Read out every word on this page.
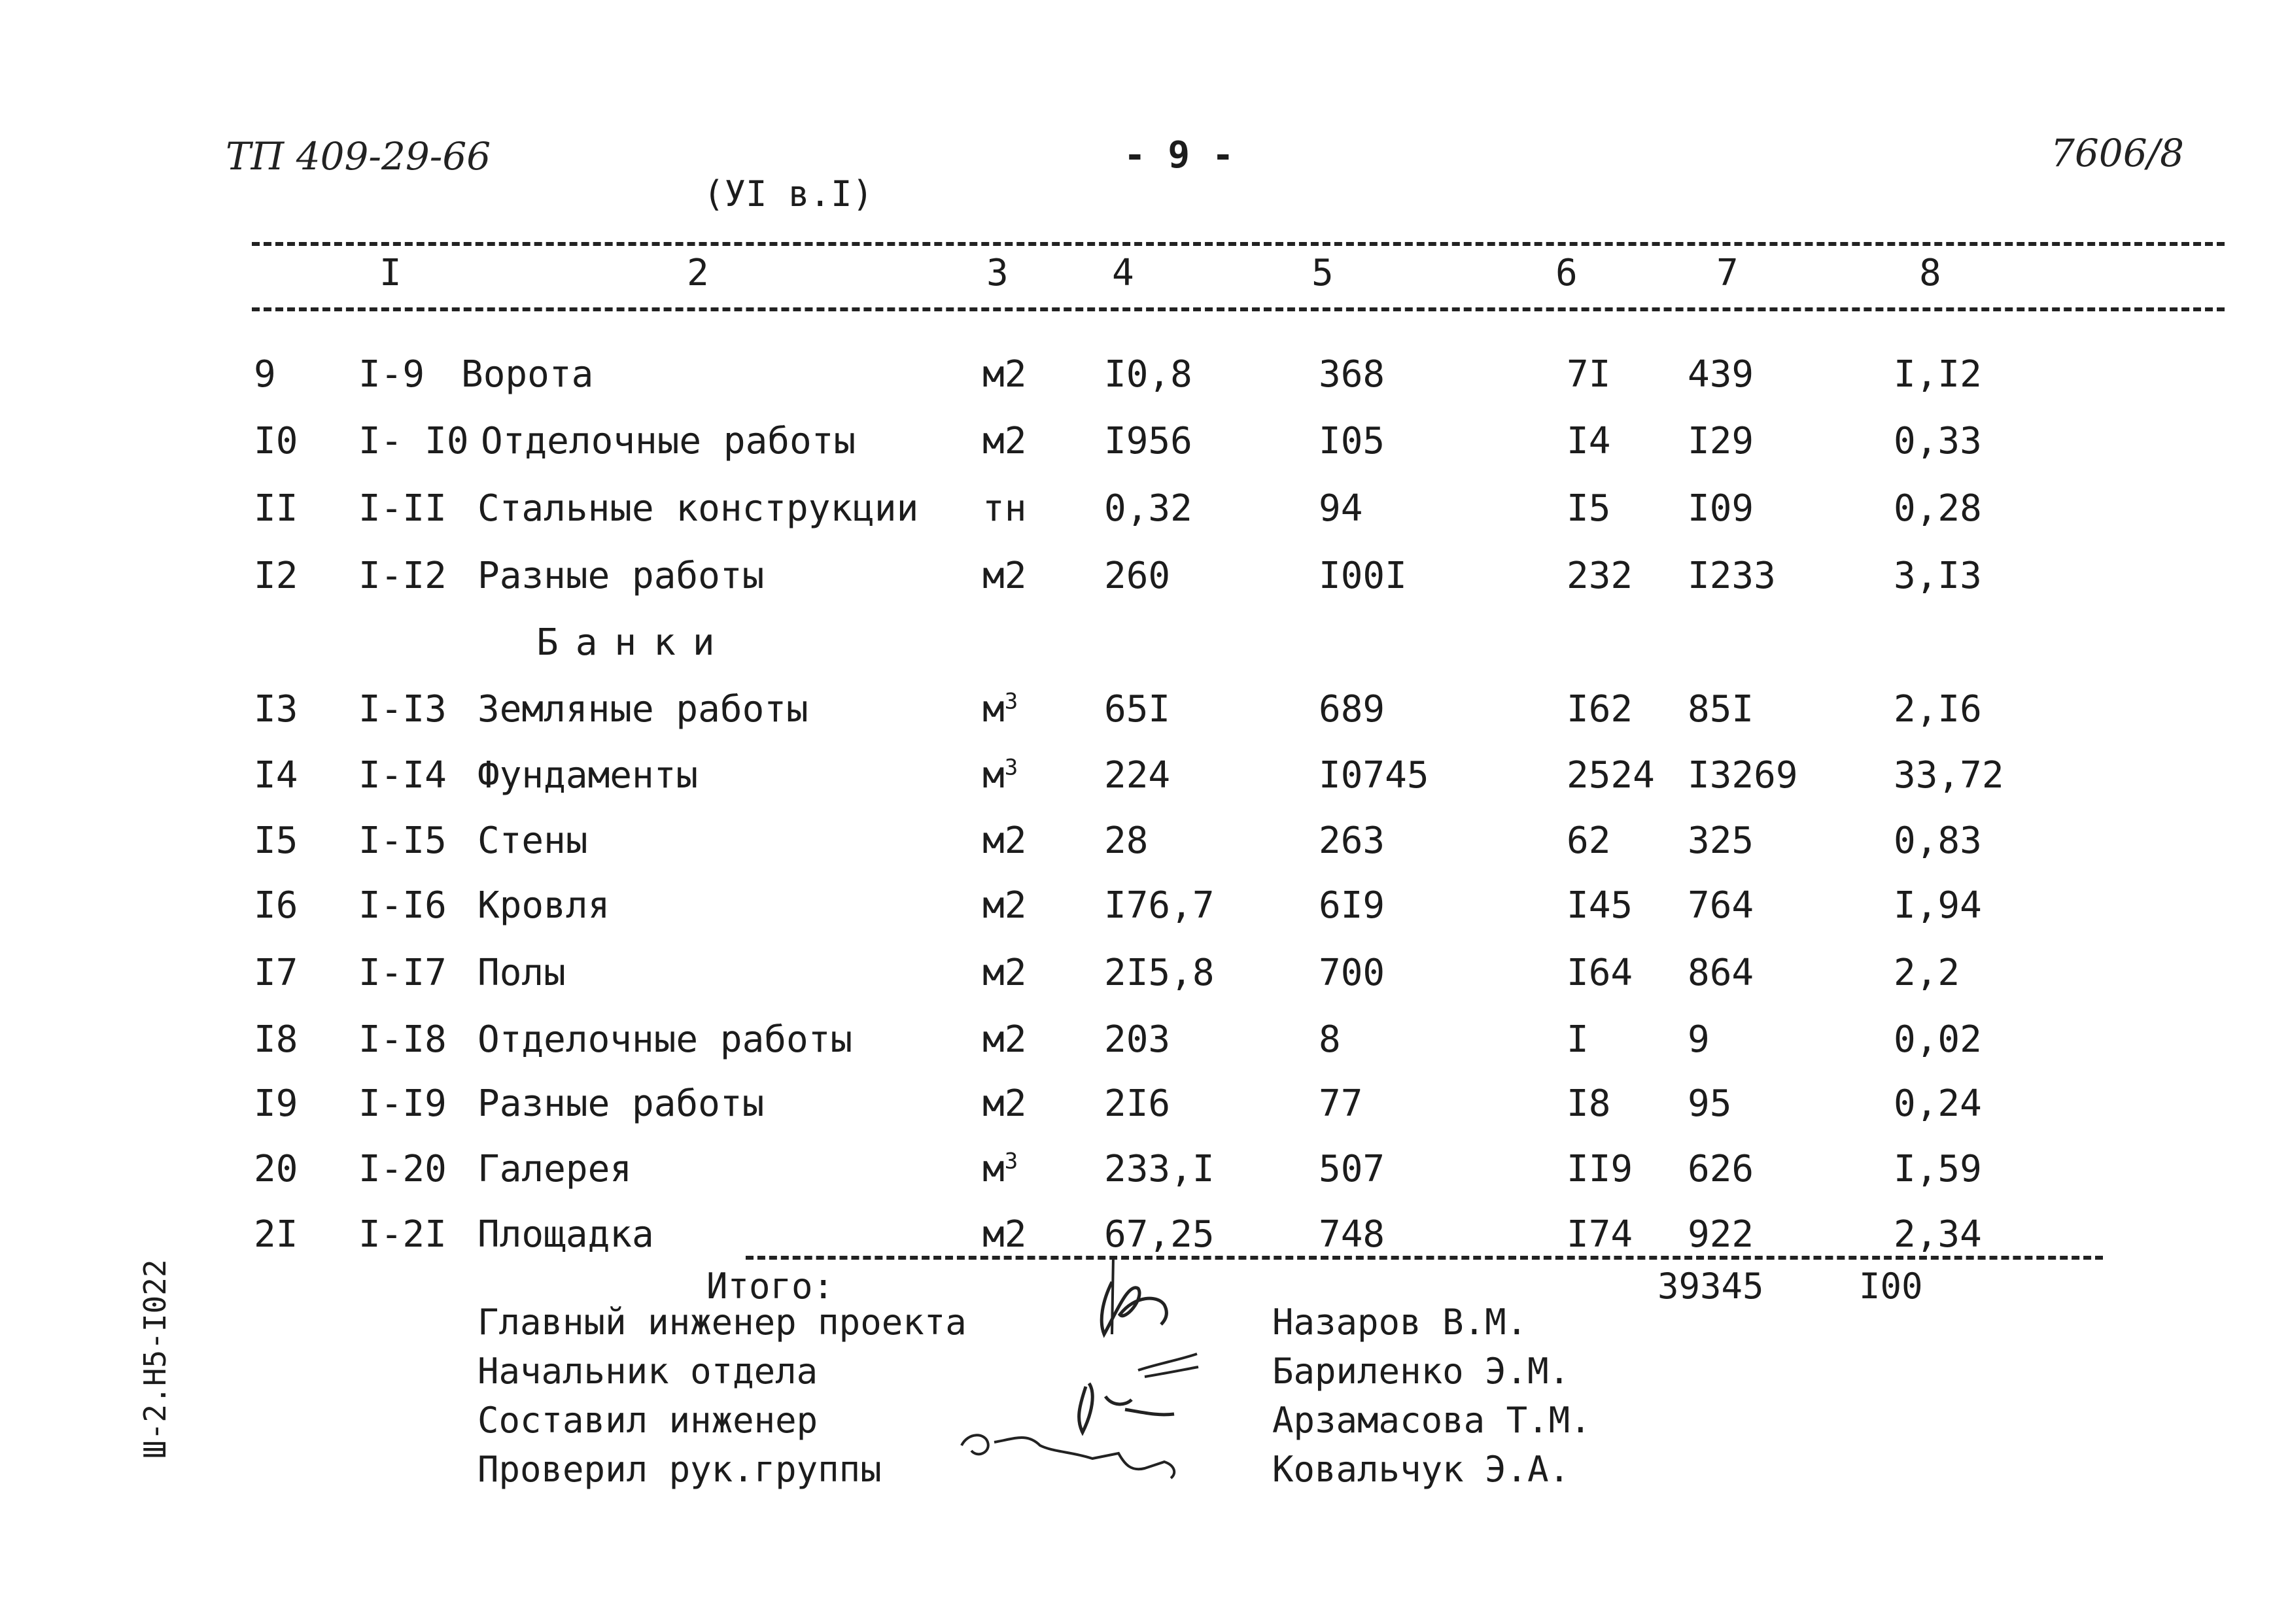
ТП 409-29-66	- 9 -	7606/8
(УI в.I)
I	2	3	4	5	6	7	8
9 I-9 Ворота	м2 I0,8	368	7I 439	I,I2
I0 I- I0 Отделочные работы	м2 I956	I05	I4 I29	0,33
II I-II Стальные конструкции тн 0,32	94	I5 I09	0,28
I2 I-I2 Разные работы	м2 260	I00I	232 I233	3,I3
Банки
I3 I-I3 Земляные работы	$м^3$ 65I	689	I62 85I	2,I6
I4 I-I4 Фундаменты	$м^3$ 224	I0745	2524 I3269	33,72
I5 I-I5 Стены	м2 28	263	62 325	0,83
I6 I-I6 Кровля	м2 I76,7	6I9	I45 764	I,94
I7 I-I7 Полы	м2 2I5,8	700	I64 864	2,2
I8 I-I8 Отделочные работы	м2 203	8	I	9	0,02
I9 I-I9 Разные работы	м2 2I6	77	I8 95	0,24
20 I-20 Галерея	$м^3$ 233,I	507	II9 626	I,59
2I I-2I Площадка	м2 67,25	748	I74 922	2,34
Итого:	39345	I00
Главный инженер проекта	Назаров В.М.
Начальник отдела	Бариленко Э.М.
Составил инженер	Арзамасова Т.М.
Проверил рук.группы	Ковальчук Э.А.
Ш-2.Н5-I022
